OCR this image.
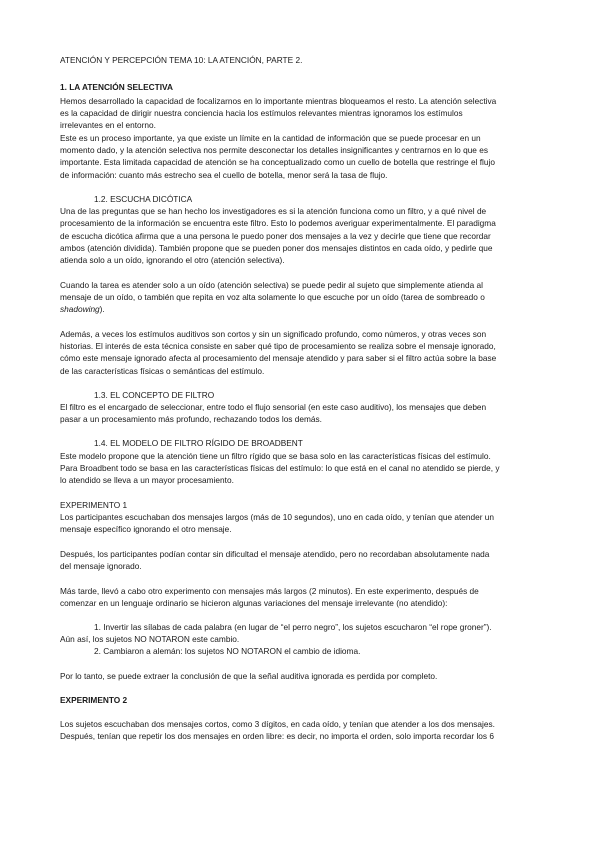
ATENCIÓN Y PERCEPCIÓN TEMA 10: LA ATENCIÓN, PARTE 2.
1. LA ATENCIÓN SELECTIVA
Hemos desarrollado la capacidad de focalizarnos en lo importante mientras bloqueamos el resto. La atención selectiva
es la capacidad de dirigir nuestra conciencia hacia los estímulos relevantes mientras ignoramos los estímulos
irrelevantes en el entorno.
Este es un proceso importante, ya que existe un límite en la cantidad de información que se puede procesar en un
momento dado, y la atención selectiva nos permite desconectar los detalles insignificantes y centrarnos en lo que es
importante. Esta limitada capacidad de atención se ha conceptualizado como un cuello de botella que restringe el flujo
de información: cuanto más estrecho sea el cuello de botella, menor será la tasa de flujo.
1.2. ESCUCHA DICÓTICA
Una de las preguntas que se han hecho los investigadores es si la atención funciona como un filtro, y a qué nivel de
procesamiento de la información se encuentra este filtro. Esto lo podemos averiguar experimentalmente. El paradigma
de escucha dicótica afirma que a una persona le puedo poner dos mensajes a la vez y decirle que tiene que recordar
ambos (atención dividida). También propone que se pueden poner dos mensajes distintos en cada oído, y pedirle que
atienda solo a un oído, ignorando el otro (atención selectiva).
Cuando la tarea es atender solo a un oído (atención selectiva) se puede pedir al sujeto que simplemente atienda al
mensaje de un oído, o también que repita en voz alta solamente lo que escuche por un oído (tarea de sombreado o
shadowing).
Además, a veces los estímulos auditivos son cortos y sin un significado profundo, como números, y otras veces son
historias. El interés de esta técnica consiste en saber qué tipo de procesamiento se realiza sobre el mensaje ignorado,
cómo este mensaje ignorado afecta al procesamiento del mensaje atendido y para saber si el filtro actúa sobre la base
de las características físicas o semánticas del estímulo.
1.3. EL CONCEPTO DE FILTRO
El filtro es el encargado de seleccionar, entre todo el flujo sensorial (en este caso auditivo), los mensajes que deben
pasar a un procesamiento más profundo, rechazando todos los demás.
1.4. EL MODELO DE FILTRO RÍGIDO DE BROADBENT
Este modelo propone que la atención tiene un filtro rígido que se basa solo en las características físicas del estímulo.
Para Broadbent todo se basa en las características físicas del estímulo: lo que está en el canal no atendido se pierde, y
lo atendido se lleva a un mayor procesamiento.
EXPERIMENTO 1
Los participantes escuchaban dos mensajes largos (más de 10 segundos), uno en cada oído, y tenían que atender un
mensaje específico ignorando el otro mensaje.
Después, los participantes podían contar sin dificultad el mensaje atendido, pero no recordaban absolutamente nada
del mensaje ignorado.
Más tarde, llevó a cabo otro experimento con mensajes más largos (2 minutos). En este experimento, después de
comenzar en un lenguaje ordinario se hicieron algunas variaciones del mensaje irrelevante (no atendido):
1. Invertir las sílabas de cada palabra (en lugar de “el perro negro”, los sujetos escucharon “el rope groner”).
Aún así, los sujetos NO NOTARON este cambio.
2. Cambiaron a alemán: los sujetos NO NOTARON el cambio de idioma.
Por lo tanto, se puede extraer la conclusión de que la señal auditiva ignorada es perdida por completo.
EXPERIMENTO 2
Los sujetos escuchaban dos mensajes cortos, como 3 dígitos, en cada oído, y tenían que atender a los dos mensajes.
Después, tenían que repetir los dos mensajes en orden libre: es decir, no importa el orden, solo importa recordar los 6
